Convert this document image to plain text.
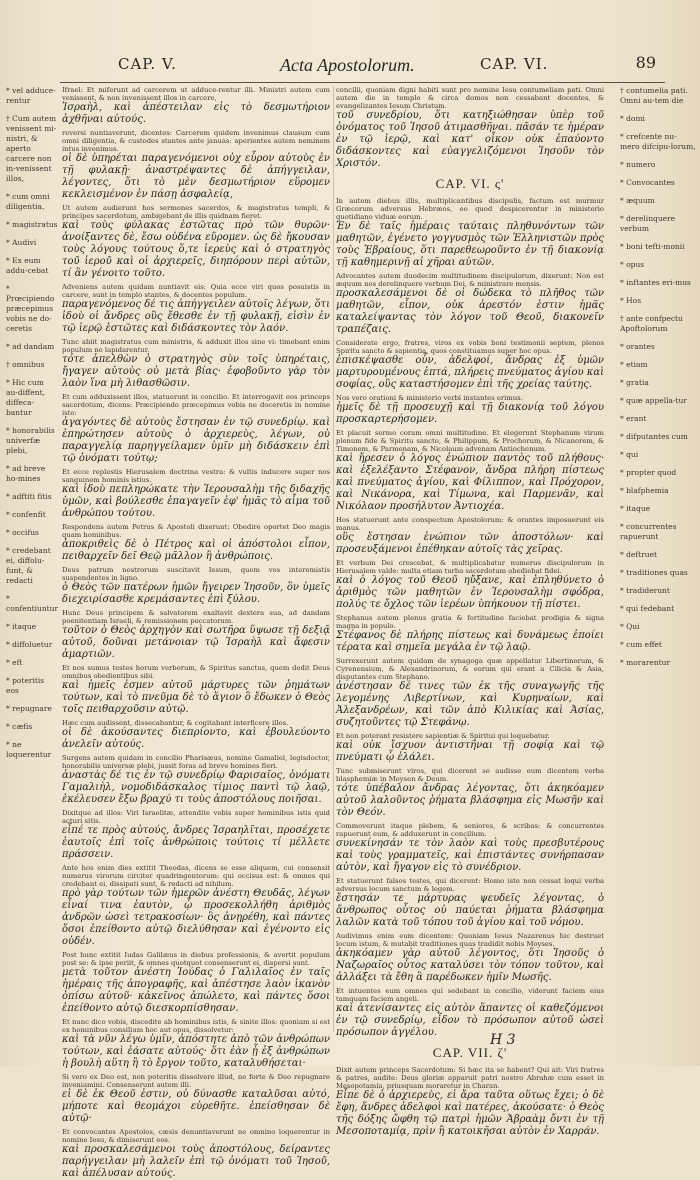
CAP. V.	Acta Apostolorum.	CAP. VI.	89
* vel adduce-rentur
† Cum autem venissent mi-nistri, & aperto carcere non in-venissent illos,
* cum omni diligentia,
* magistratus
* Audivi
* Ex eum addu-cebat
* Prœcipiendo præcepimus vobis ne do-ceretis
* ad dandam
† omnibus
* Hic cum au-diffent, diffeca-bantur
* honorabilis univerfæ plebi,
* ad breve ho-mines
* adftiti fitis
* confenfit
* occifus
* credebant ei, diffolu-funt, & redacti
* confentiuntur
* itaque
* diffoluetur
* eft
* poteritis eos
* repugnare
* cæfis
* ne loquerentur
† contumelia pati. Omni au-tem die
* domi
* crefcente nu-mero difcipu-lorum,
* numero
* Convocantes
* æquum
* derelinquere verbum
* boni tefti-monii
* opus
* inftantes eri-mus
* Hos
† ante confpectu Apoftolorum
* orantes
* etiam
* gratia
* quæ appella-tur
* erant
* difputantes cum
* qui
* propter quod
* blafphemia
* itaque
* concurrentes rapuerunt
* deftruet
* traditiones quas
* tradiderunt
* qui fedebant
* Qui
* cum effet
* morarentur
Ifrael: Et miferunt ad carcerem ut adduce-rentur illi. Ministri autem cum venissent, & non invenissent illos in carcere,
Ἰσραὴλ, καὶ ἀπέστειλαν εἰς τὸ δεσμωτήριον ἀχθῆναι αὐτούς.
reversi nuntiaverunt, dicentes: Carcerem quidem invenimus clausum cum omni diligentia, & custodes stantes ante januas: aperientes autem neminem intus invenimus.
οἱ δὲ ὑπηρέται παραγενόμενοι οὐχ εὗρον αὐτοὺς ἐν τῇ φυλακῇ· ἀναστρέψαντες δὲ ἀπήγγειλαν, λέγοντες, ὅτι τὸ μὲν δεσμωτήριον εὕρομεν κεκλεισμένον ἐν πάσῃ ἀσφαλείᾳ,
Ut autem audierunt hos sermones sacerdos, & magistratus templi, & principes sacerdotum, ambigebant de illis quidnam fieret.
καὶ τοὺς φύλακας ἑστῶτας πρὸ τῶν θυρῶν· ἀνοίξαντες δὲ, ἔσω οὐδένα εὕρομεν. ὡς δὲ ἤκουσαν τοὺς λόγους τούτους ὅ,τε ἱερεὺς καὶ ὁ στρατηγὸς τοῦ ἱεροῦ καὶ οἱ ἀρχιερεῖς, διηπόρουν περὶ αὐτῶν, τί ἂν γένοιτο τοῦτο.
Adveniens autem quidam nuntiavit eis: Quia ecce viri quos posuistis in carcere, sunt in templo stantes, & docentes populum.
παραγενόμενος δέ τις ἀπήγγειλεν αὐτοῖς λέγων, ὅτι ἰδοὺ οἱ ἄνδρες οὓς ἔθεσθε ἐν τῇ φυλακῇ, εἰσὶν ἐν τῷ ἱερῷ ἑστῶτες καὶ διδάσκοντες τὸν λαόν.
Tunc abiit magistratus cum ministris, & adduxit illos sine vi: timebant enim populum ne lapidarentur.
τότε ἀπελθὼν ὁ στρατηγὸς σὺν τοῖς ὑπηρέταις, ἤγαγεν αὐτοὺς οὐ μετὰ βίας· ἐφοβοῦντο γὰρ τὸν λαὸν ἵνα μὴ λιθασθῶσιν.
Et cum adduxissent illos, statuerunt in concilio. Et interrogavit eos princeps sacerdotum, dicens: Præcipiendo præcepimus vobis ne doceretis in nomine isto:
ἀγαγόντες δὲ αὐτοὺς ἔστησαν ἐν τῷ συνεδρίῳ. καὶ ἐπηρώτησεν αὐτοὺς ὁ ἀρχιερεὺς, λέγων, οὐ παραγγελίᾳ παρηγγείλαμεν ὑμῖν μὴ διδάσκειν ἐπὶ τῷ ὀνόματι τούτῳ;
Et ecce replestis Hierusalem doctrina vestra: & vultis inducere super nos sanguinem hominis istius.
καὶ ἰδοὺ πεπληρώκατε τὴν Ἱερουσαλὴμ τῆς διδαχῆς ὑμῶν, καὶ βούλεσθε ἐπαγαγεῖν ἐφ' ἡμᾶς τὸ αἷμα τοῦ ἀνθρώπου τούτου.
Respondens autem Petrus & Apostoli dixerunt: Obedire oportet Deo magis quam hominibus.
ἀποκριθεὶς δὲ ὁ Πέτρος καὶ οἱ ἀπόστολοι εἶπον, πειθαρχεῖν δεῖ Θεῷ μᾶλλον ἢ ἀνθρώποις.
Deus patrum nostrorum suscitavit Iesum, quem vos interemistis suspendentes in ligno.
ὁ Θεὸς τῶν πατέρων ἡμῶν ἤγειρεν Ἰησοῦν, ὃν ὑμεῖς διεχειρίσασθε κρεμάσαντες ἐπὶ ξύλου.
Hunc Deus principem & salvatorem exaltavit dextera sua, ad dandam poenitentiam Israeli, & remissionem peccatorum.
τοῦτον ὁ Θεὸς ἀρχηγὸν καὶ σωτῆρα ὕψωσε τῇ δεξιᾷ αὐτοῦ, δοῦναι μετάνοιαν τῷ Ἰσραὴλ καὶ ἄφεσιν ἁμαρτιῶν.
Et nos sumus testes horum verborum, & Spiritus sanctus, quem dedit Deus omnibus obedientibus sibi.
καὶ ἡμεῖς ἐσμεν αὐτοῦ μάρτυρες τῶν ῥημάτων τούτων, καὶ τὸ πνεῦμα δὲ τὸ ἅγιον ὃ ἔδωκεν ὁ Θεὸς τοῖς πειθαρχοῦσιν αὐτῷ.
Hæc cum audissent, dissecabantur, & cogitabant interficere illos.
οἱ δὲ ἀκούσαντες διεπρίοντο, καὶ ἐβουλεύοντο ἀνελεῖν αὐτούς.
Surgens autem quidam in concilio Pharisæus, nomine Gamaliel, legisdoctor, honorabilis universæ plebi, jussit foras ad breve homines fieri.
ἀναστὰς δέ τις ἐν τῷ συνεδρίῳ Φαρισαῖος, ὀνόματι Γαμαλιὴλ, νομοδιδάσκαλος τίμιος παντὶ τῷ λαῷ, ἐκέλευσεν ἔξω βραχύ τι τοὺς ἀποστόλους ποιῆσαι.
Dixitque ad illos: Viri Israelitæ, attendite vobis super hominibus istis quid acturi sitis.
εἶπέ τε πρὸς αὐτούς, ἄνδρες Ἰσραηλῖται, προσέχετε ἑαυτοῖς ἐπὶ τοῖς ἀνθρώποις τούτοις τί μέλλετε πράσσειν.
Ante hos enim dies extitit Theodas, dicens se esse aliquem, cui consensit numerus virorum circiter quadringentorum: qui occisus est: & omnes qui credebant ei, dissipati sunt, & redacti ad nihilum.
πρὸ γὰρ τούτων τῶν ἡμερῶν ἀνέστη Θευδᾶς, λέγων εἶναί τινα ἑαυτὸν, ᾧ προσεκολλήθη ἀριθμὸς ἀνδρῶν ὡσεὶ τετρακοσίων· ὃς ἀνῃρέθη, καὶ πάντες ὅσοι ἐπείθοντο αὐτῷ διελύθησαν καὶ ἐγένοντο εἰς οὐδέν.
Post hunc extitit Iudas Galilæus in diebus professionis, & avertit populum post se: & ipse periit, & omnes quotquot consenserunt ei, dispersi sunt.
μετὰ τοῦτον ἀνέστη Ἰούδας ὁ Γαλιλαῖος ἐν ταῖς ἡμέραις τῆς ἀπογραφῆς, καὶ ἀπέστησε λαὸν ἱκανὸν ὀπίσω αὐτοῦ· κἀκεῖνος ἀπώλετο, καὶ πάντες ὅσοι ἐπείθοντο αὐτῷ διεσκορπίσθησαν.
Et nunc dico vobis, discedite ab hominibus istis, & sinite illos: quoniam si est ex hominibus consilium hoc aut opus, dissolvetur:
καὶ τὰ νῦν λέγω ὑμῖν, ἀπόστητε ἀπὸ τῶν ἀνθρώπων τούτων, καὶ ἐάσατε αὐτούς· ὅτι ἐὰν ᾖ ἐξ ἀνθρώπων ἡ βουλὴ αὕτη ἢ τὸ ἔργον τοῦτο, καταλυθήσεται·
Si vero ex Deo est, non poteritis dissolvere illud, ne forte & Deo repugnare inveniamini. Consenserunt autem illi.
εἰ δὲ ἐκ Θεοῦ ἐστιν, οὐ δύνασθε καταλῦσαι αὐτό, μήποτε καὶ θεομάχοι εὑρεθῆτε. ἐπείσθησαν δὲ αὐτῷ·
Et convocantes Apostolos, cæsis denuntiaverunt ne omnino loquerentur in nomine Iesu, & dimiserunt eos.
καὶ προσκαλεσάμενοι τοὺς ἀποστόλους, δείραντες παρήγγειλαν μὴ λαλεῖν ἐπὶ τῷ ὀνόματι τοῦ Ἰησοῦ, καὶ ἀπέλυσαν αὐτούς.
concilii, quoniam digni habiti sunt pro nomine Iesu contumeliam pati. Omni autem die in templo & circa domos non cessabant docentes, & evangelizantes Iesum Christum.
τοῦ συνεδρίου, ὅτι κατηξιώθησαν ὑπὲρ τοῦ ὀνόματος τοῦ Ἰησοῦ ἀτιμασθῆναι. πᾶσάν τε ἡμέραν ἐν τῷ ἱερῷ, καὶ κατ' οἶκον οὐκ ἐπαύοντο διδάσκοντες καὶ εὐαγγελιζόμενοι Ἰησοῦν τὸν Χριστόν.
CAP. VI. ς'
In autem diebus illis, multiplicantibus discipulis, factum est murmur Græcorum adversus Hebræos, eo quod despicerentur in ministerio quotidiano viduæ eorum.
Ἐν δὲ ταῖς ἡμέραις ταύταις πληθυνόντων τῶν μαθητῶν, ἐγένετο γογγυσμὸς τῶν Ἑλληνιστῶν πρὸς τοὺς Ἑβραίους, ὅτι παρεθεωροῦντο ἐν τῇ διακονίᾳ τῇ καθημερινῇ αἱ χῆραι αὐτῶν.
Advocantes autem duodecim multitudinem discipulorum, dixerunt: Non est æquum nos derelinquere verbum Dei, & ministrare mensis.
προσκαλεσάμενοι δὲ οἱ δώδεκα τὸ πλῆθος τῶν μαθητῶν, εἶπον, οὐκ ἀρεστόν ἐστιν ἡμᾶς καταλείψαντας τὸν λόγον τοῦ Θεοῦ, διακονεῖν τραπέζαις.
Considerate ergo, fratres, viros ex vobis boni testimonii septem, plenos Spiritu sancto & sapientia, quos constituamus super hoc opus.
ἐπισκέψασθε οὖν, ἀδελφοί, ἄνδρας ἐξ ὑμῶν μαρτυρουμένους ἑπτά, πλήρεις πνεύματος ἁγίου καὶ σοφίας, οὓς καταστήσομεν ἐπὶ τῆς χρείας ταύτης.
Nos vero orationi & ministerio verbi instantes erimus.
ἡμεῖς δὲ τῇ προσευχῇ καὶ τῇ διακονίᾳ τοῦ λόγου προσκαρτερήσομεν.
Et placuit sermo coram omni multitudine. Et elegerunt Stephanum virum plenum fide & Spiritu sancto, & Philippum, & Prochorum, & Nicanorem, & Timonem, & Parmenam, & Nicolaum advenam Antiochenum.
καὶ ἤρεσεν ὁ λόγος ἐνώπιον παντὸς τοῦ πλήθους· καὶ ἐξελέξαντο Στέφανον, ἄνδρα πλήρη πίστεως καὶ πνεύματος ἁγίου, καὶ Φίλιππον, καὶ Πρόχορον, καὶ Νικάνορα, καὶ Τίμωνα, καὶ Παρμενᾶν, καὶ Νικόλαον προσήλυτον Ἀντιοχέα.
Hos statuerunt ante conspectum Apostolorum: & orantes imposuerunt eis manus.
οὓς ἔστησαν ἐνώπιον τῶν ἀποστόλων· καὶ προσευξάμενοι ἐπέθηκαν αὐτοῖς τὰς χεῖρας.
Et verbum Dei crescebat, & multiplicabatur numerus discipulorum in Hierusalem valde: multa etiam turba sacerdotum obediebat fidei.
καὶ ὁ λόγος τοῦ Θεοῦ ηὔξανε, καὶ ἐπληθύνετο ὁ ἀριθμὸς τῶν μαθητῶν ἐν Ἱερουσαλὴμ σφόδρα, πολύς τε ὄχλος τῶν ἱερέων ὑπήκουον τῇ πίστει.
Stephanus autem plenus gratia & fortitudine faciebat prodigia & signa magna in populo.
Στέφανος δὲ πλήρης πίστεως καὶ δυνάμεως ἐποίει τέρατα καὶ σημεῖα μεγάλα ἐν τῷ λαῷ.
Surrexerunt autem quidam de synagoga quæ appellatur Libertinorum, & Cyrenensium, & Alexandrinorum, & eorum qui erant a Cilicia & Asia, disputantes cum Stephano.
ἀνέστησαν δέ τινες τῶν ἐκ τῆς συναγωγῆς τῆς λεγομένης Λιβερτίνων, καὶ Κυρηναίων, καὶ Ἀλεξανδρέων, καὶ τῶν ἀπὸ Κιλικίας καὶ Ἀσίας, συζητοῦντες τῷ Στεφάνῳ.
Et non poterant resistere sapientiæ & Spiritui qui loquebatur.
καὶ οὐκ ἴσχυον ἀντιστῆναι τῇ σοφίᾳ καὶ τῷ πνεύματι ᾧ ἐλάλει.
Tunc submiserunt viros, qui dicerent se audisse eum dicentem verba blasphemiæ in Moysen & Deum.
τότε ὑπέβαλον ἄνδρας λέγοντας, ὅτι ἀκηκόαμεν αὐτοῦ λαλοῦντος ῥήματα βλάσφημα εἰς Μωσῆν καὶ τὸν Θεόν.
Commoverunt itaque plebem, & seniores, & scribas: & concurrentes rapuerunt eum, & adduxerunt in concilium.
συνεκίνησάν τε τὸν λαὸν καὶ τοὺς πρεσβυτέρους καὶ τοὺς γραμματεῖς, καὶ ἐπιστάντες συνήρπασαν αὐτὸν, καὶ ἤγαγον εἰς τὸ συνέδριον.
Et statuerunt falsos testes, qui dicerent: Homo iste non cessat loqui verba adversus locum sanctum & legem.
ἔστησάν τε μάρτυρας ψευδεῖς λέγοντας, ὁ ἄνθρωπος οὗτος οὐ παύεται ῥήματα βλάσφημα λαλῶν κατὰ τοῦ τόπου τοῦ ἁγίου καὶ τοῦ νόμου.
Audivimus enim eum dicentem: Quoniam Iesus Nazarenus hic destruet locum istum, & mutabit traditiones quas tradidit nobis Moyses.
ἀκηκόαμεν γὰρ αὐτοῦ λέγοντος, ὅτι Ἰησοῦς ὁ Ναζωραῖος οὗτος καταλύσει τὸν τόπον τοῦτον, καὶ ἀλλάξει τὰ ἔθη ἃ παρέδωκεν ἡμῖν Μωσῆς.
Et intuentes eum omnes qui sedebant in concilio, viderunt faciem eius tamquam faciem angeli.
καὶ ἀτενίσαντες εἰς αὐτὸν ἅπαντες οἱ καθεζόμενοι ἐν τῷ συνεδρίῳ, εἶδον τὸ πρόσωπον αὐτοῦ ὡσεὶ πρόσωπον ἀγγέλου.
CAP. VII. ζ'
Dixit autem princeps Sacerdotum: Si hæc ita se habent? Qui ait: Viri fratres & patres, audite: Deus gloriæ apparuit patri nostro Abrahæ cum esset in Mesopotamia, priusquam moraretur in Charan.
Εἶπε δὲ ὁ ἀρχιερεὺς, εἰ ἄρα ταῦτα οὕτως ἔχει; ὁ δὲ ἔφη, ἄνδρες ἀδελφοὶ καὶ πατέρες, ἀκούσατε· ὁ Θεὸς τῆς δόξης ὤφθη τῷ πατρὶ ἡμῶν Ἀβραὰμ ὄντι ἐν τῇ Μεσοποταμίᾳ, πρὶν ἢ κατοικῆσαι αὐτὸν ἐν Χαρράν.
H 3
